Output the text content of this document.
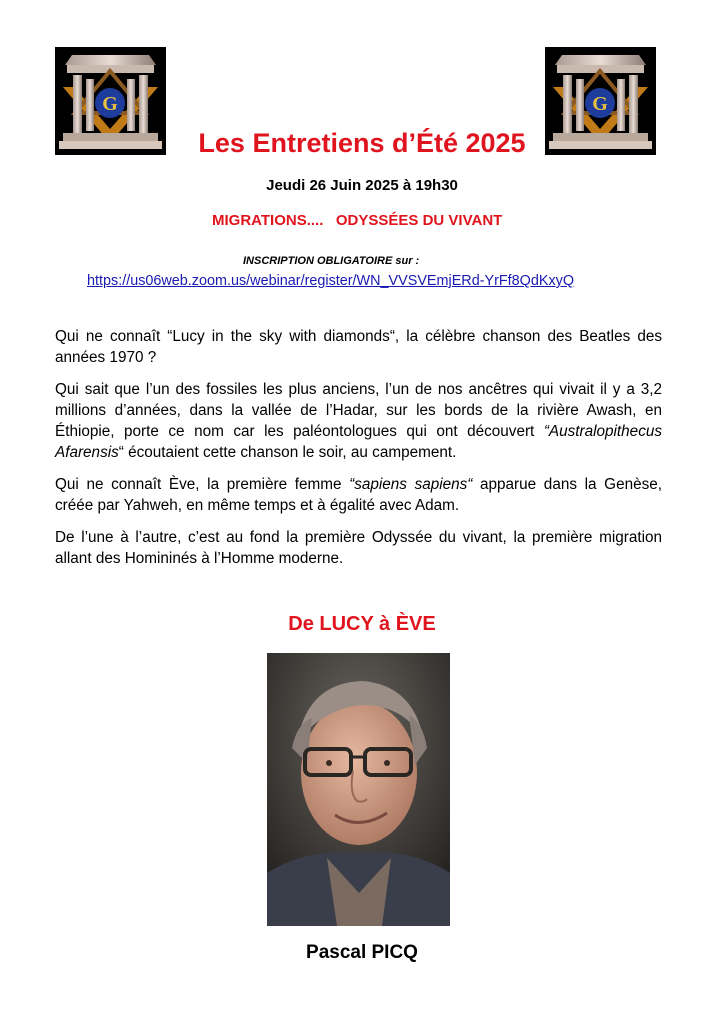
G	G
Les Entretiens d’Été 2025
Jeudi 26 Juin 2025 à 19h30
MIGRATIONS....   ODYSSÉES DU VIVANT
INSCRIPTION OBLIGATOIRE sur :
https://us06web.zoom.us/webinar/register/WN_VVSVEmjERd-YrFf8QdKxyQ

Qui ne connaît “Lucy in the sky with diamonds“, la célèbre chanson des Beatles des années 1970 ?

Qui sait que l’un des fossiles les plus anciens, l’un de nos ancêtres qui vivait il y a 3,2 millions d’années, dans la vallée de l’Hadar, sur les bords de la rivière Awash, en Éthiopie, porte ce nom car les paléontologues qui ont découvert “Australopithecus Afarensis“ écoutaient cette chanson le soir, au campement.

Qui ne connaît Ève, la première femme “sapiens sapiens“ apparue dans la Genèse, créée par Yahweh, en même temps et à égalité avec Adam.

De l’une à l’autre, c’est au fond la première Odyssée du vivant, la première migration allant des Homininés à l’Homme moderne.

De LUCY à ÈVE
Pascal PICQ
